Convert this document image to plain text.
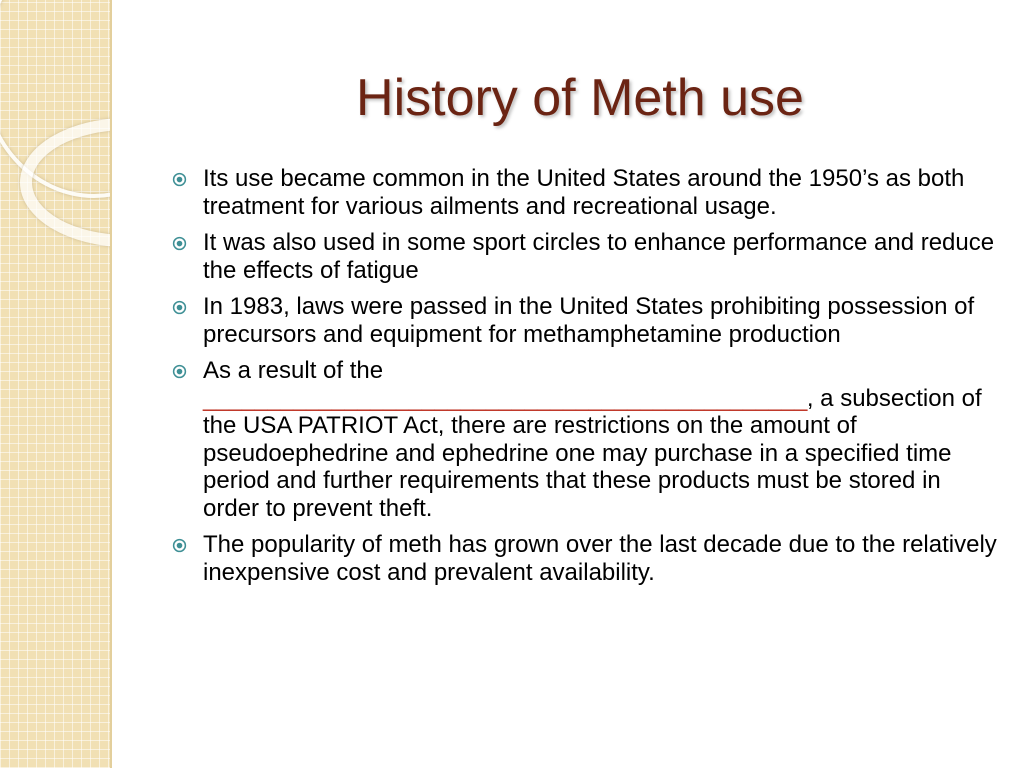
History of Meth use
Its use became common in the United States around the 1950’s as both treatment for various ailments and recreational usage.
It was also used in some sport circles to enhance performance and reduce the effects of fatigue
In 1983, laws were passed in the United States prohibiting possession of precursors and equipment for methamphetamine production
As a result of the _______________________________________________, a subsection of the USA PATRIOT Act, there are restrictions on the amount of pseudoephedrine and ephedrine one may purchase in a specified time period and further requirements that these products must be stored in order to prevent theft.
The popularity of meth has grown over the last decade due to the relatively inexpensive cost and prevalent availability.
